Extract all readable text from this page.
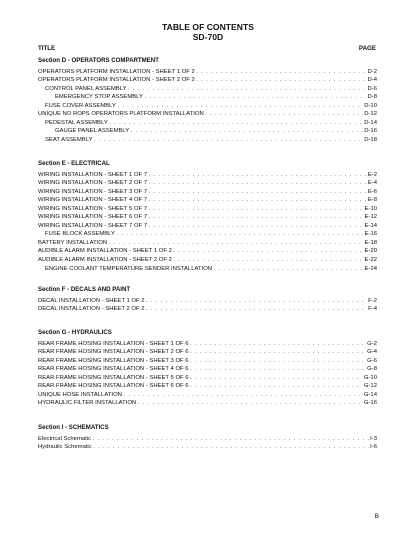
TABLE OF CONTENTS
SD-70D
TITLE	PAGE
Section D - OPERATORS COMPARTMENT
OPERATORS PLATFORM INSTALLATION - SHEET 1 OF 2 . . .	D-2
OPERATORS PLATFORM INSTALLATION - SHEET 2 OF 2 . . .	D-4
CONTROL PANEL ASSEMBLY . . .	D-6
EMERGENCY STOP ASSEMBLY . . .	D-8
FUSE COVER ASSEMBLY . . .	D-10
UNIQUE NO ROPS OPERATORS PLATFORM INSTALLATION . . .	D-12
PEDESTAL ASSEMBLY . . .	D-14
GAUGE PANEL ASSEMBLY . . .	D-16
SEAT ASSEMBLY . . .	D-18
Section E - ELECTRICAL
WIRING INSTALLATION - SHEET 1 OF 7 . . .	E-2
WIRING INSTALLATION - SHEET 2 OF 7 . . .	E-4
WIRING INSTALLATION - SHEET 3 OF 7 . . .	E-6
WIRING INSTALLATION - SHEET 4 OF 7 . . .	E-8
WIRING INSTALLATION - SHEET 5 OF 7 . . .	E-10
WIRING INSTALLATION - SHEET 6 OF 7 . . .	E-12
WIRING INSTALLATION - SHEET 7 OF 7 . . .	E-14
FUSE BLOCK ASSEMBLY . . .	E-16
BATTERY INSTALLATION . . .	E-18
AUDIBLE ALARM INSTALLATION - SHEET 1 OF 2 . . .	E-20
AUDIBLE ALARM INSTALLATION - SHEET 2 OF 2 . . .	E-22
ENGINE COOLANT TEMPERATURE SENDER INSTALLATION . . .	E-24
Section F - DECALS AND PAINT
DECAL INSTALLATION - SHEET 1 OF 2 . . .	F-2
DECAL INSTALLATION - SHEET 2 OF 2 . . .	F-4
Section G - HYDRAULICS
REAR FRAME HOSING INSTALLATION - SHEET 1 OF 6 . . .	G-2
REAR FRAME HOSING INSTALLATION - SHEET 2 OF 6 . . .	G-4
REAR FRAME HOSING INSTALLATION - SHEET 3 OF 6 . . .	G-6
REAR FRAME HOSING INSTALLATION - SHEET 4 OF 6 . . .	G-8
REAR FRAME HOSING INSTALLATION - SHEET 5 OF 6 . . .	G-10
REAR FRAME HOSING INSTALLATION - SHEET 6 OF 6 . . .	G-12
UNIQUE HOSE INSTALLATION . . .	G-14
HYDRAULIC FILTER INSTALLATION . . .	G-16
Section I - SCHEMATICS
Electrical Schematic . . .	I-3
Hydraulic Schematic . . .	I-6
B
